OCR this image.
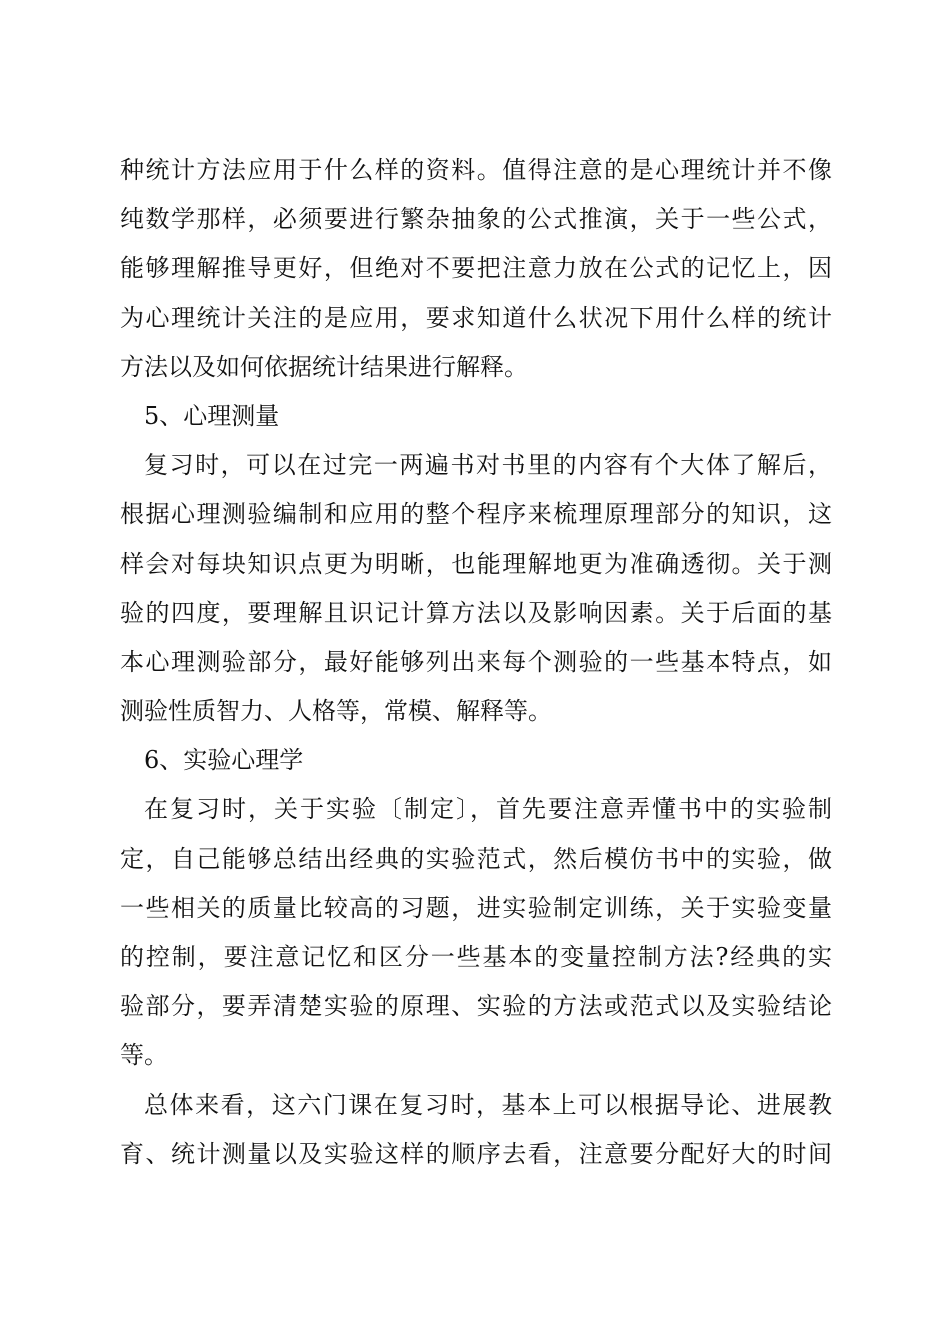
种统计方法应用于什么样的资料。值得注意的是心理统计并不像
纯数学那样，必须要进行繁杂抽象的公式推演，关于一些公式，
能够理解推导更好，但绝对不要把注意力放在公式的记忆上，因
为心理统计关注的是应用，要求知道什么状况下用什么样的统计
方法以及如何依据统计结果进行解释。
5、心理测量
复习时，可以在过完一两遍书对书里的内容有个大体了解后，
根据心理测验编制和应用的整个程序来梳理原理部分的知识，这
样会对每块知识点更为明晰，也能理解地更为准确透彻。关于测
验的四度，要理解且识记计算方法以及影响因素。关于后面的基
本心理测验部分，最好能够列出来每个测验的一些基本特点，如
测验性质智力、人格等，常模、解释等。
6、实验心理学
在复习时，关于实验〔制定〕，首先要注意弄懂书中的实验制
定，自己能够总结出经典的实验范式，然后模仿书中的实验，做
一些相关的质量比较高的习题，进实验制定训练，关于实验变量
的控制，要注意记忆和区分一些基本的变量控制方法?经典的实
验部分，要弄清楚实验的原理、实验的方法或范式以及实验结论
等。
总体来看，这六门课在复习时，基本上可以根据导论、进展教
育、统计测量以及实验这样的顺序去看，注意要分配好大的时间
